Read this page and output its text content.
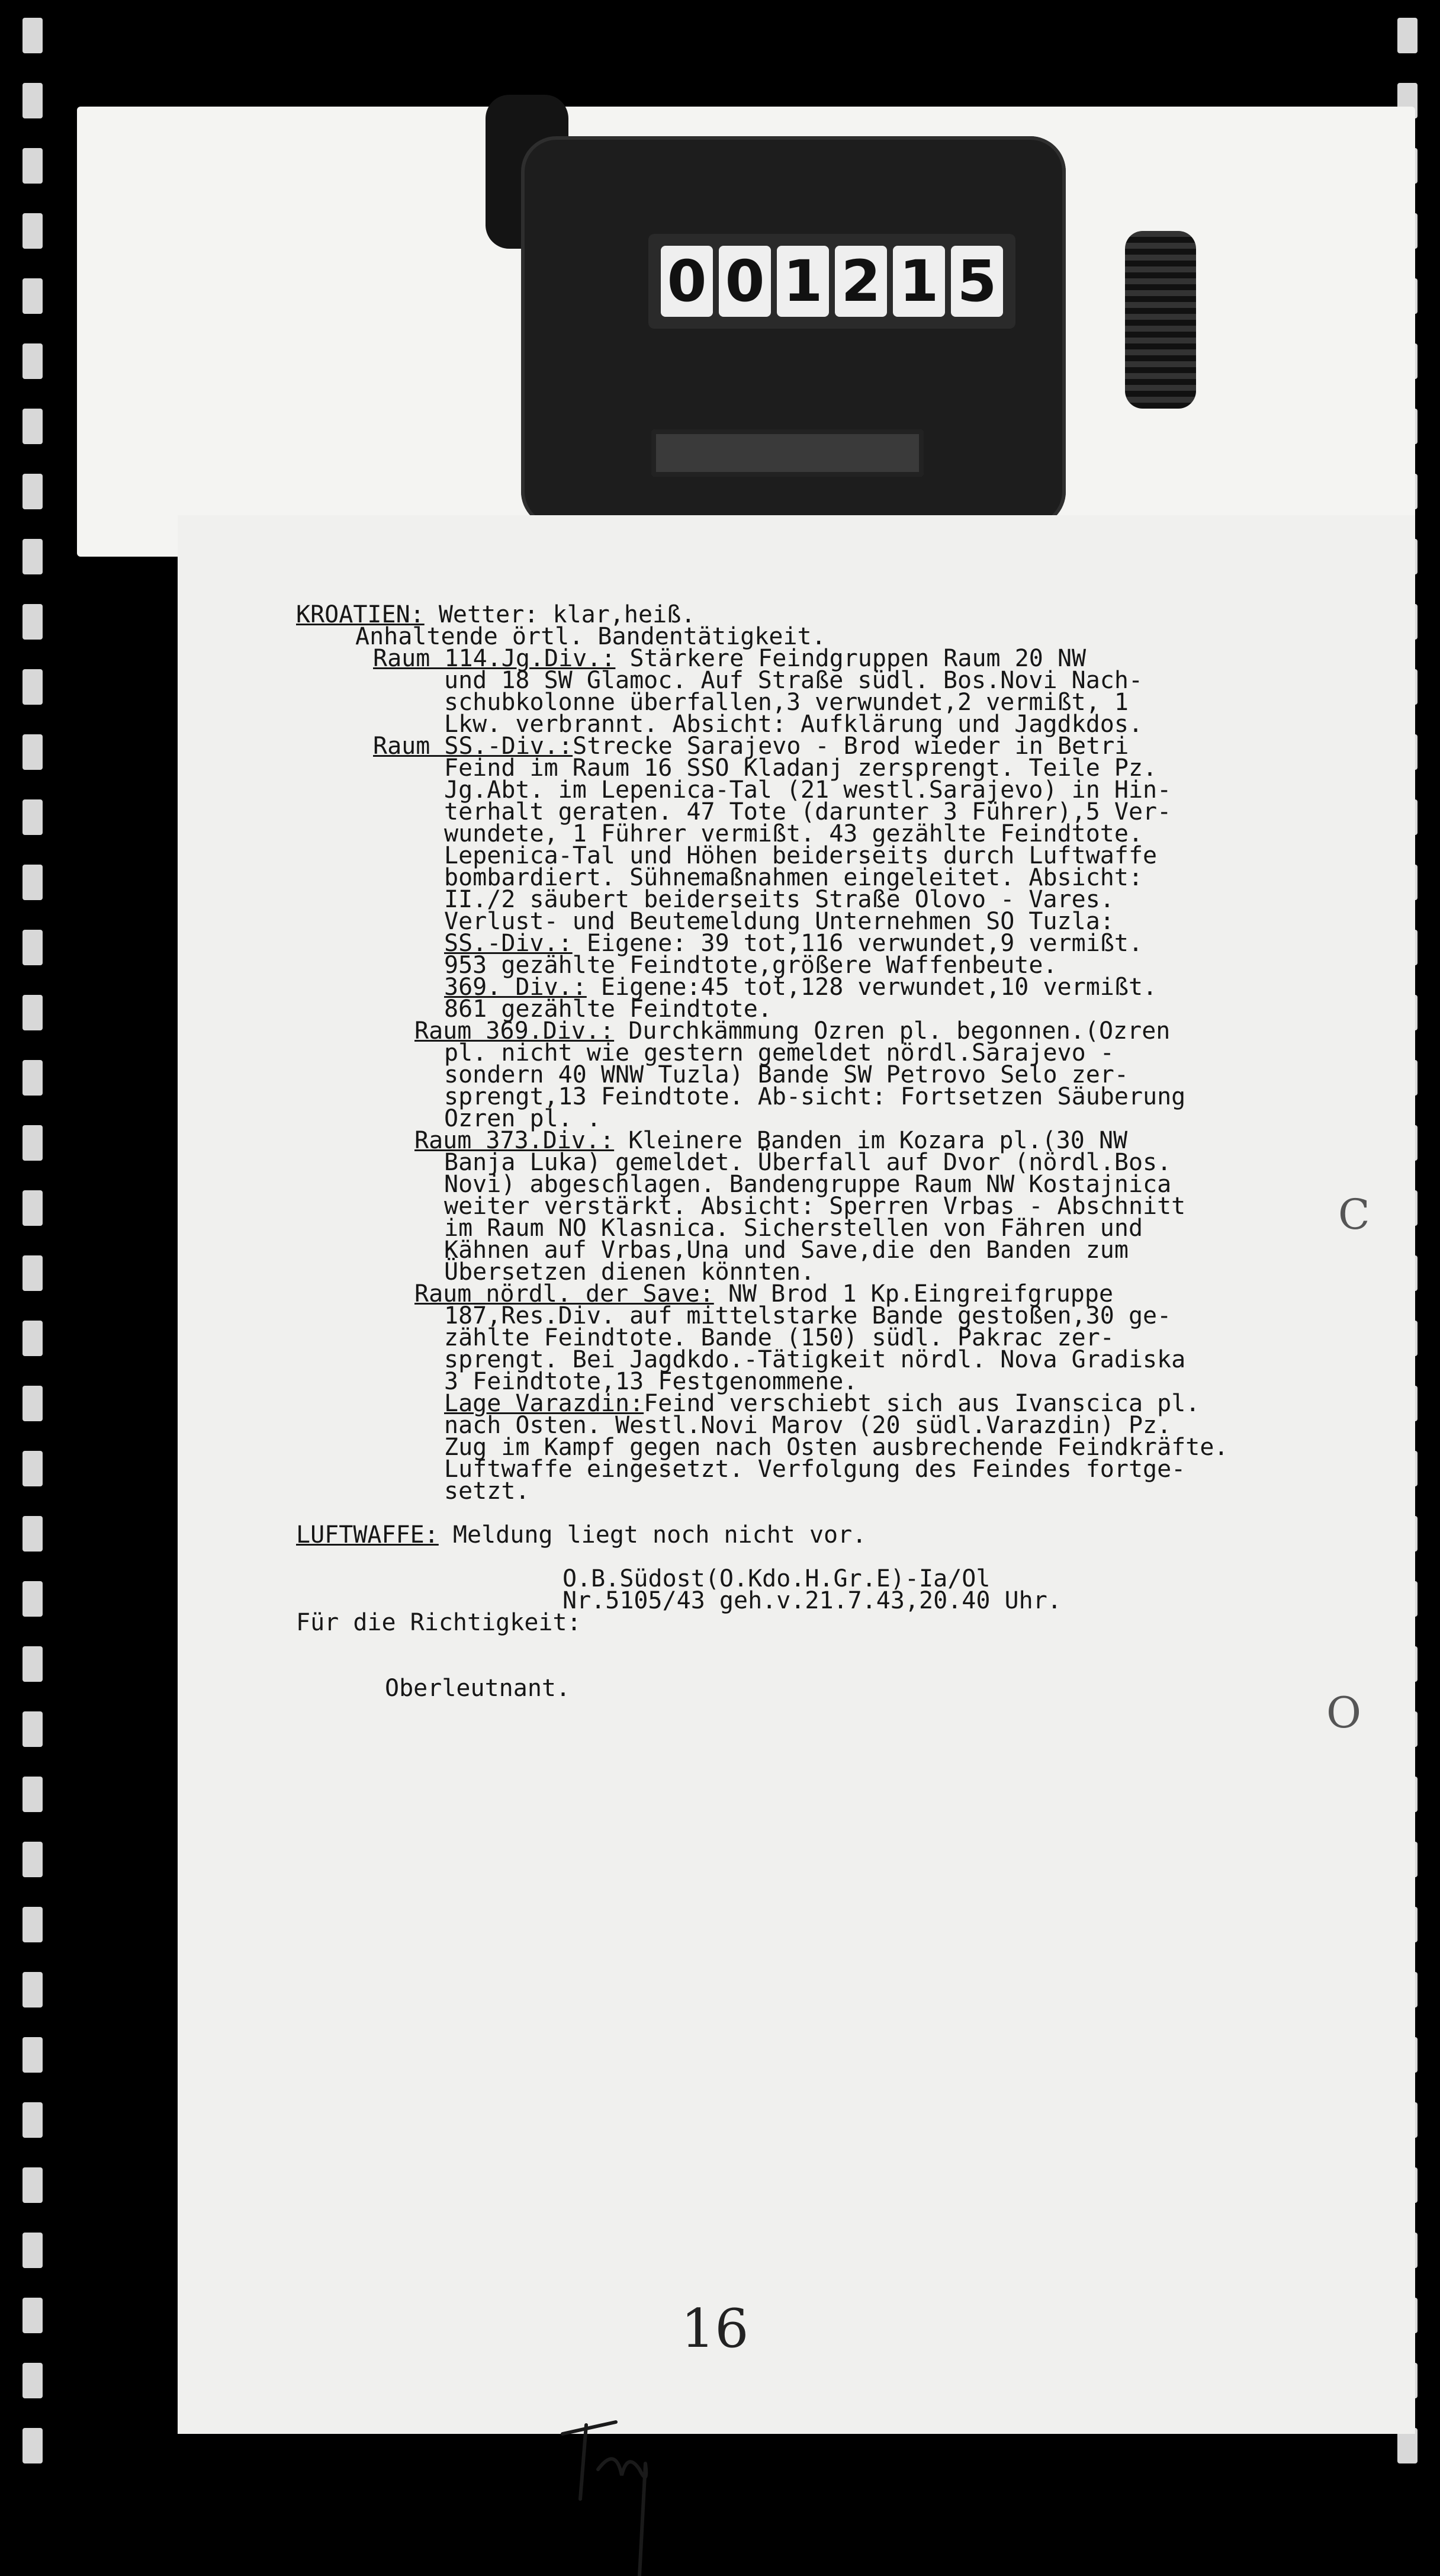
0 0 1 2 1 5
KROATIEN: Wetter: klar,heiß.
Anhaltende örtl. Bandentätigkeit.
Raum 114.Jg.Div.: Stärkere Feindgruppen Raum 20 NW
und 18 SW Glamoc. Auf Straße südl. Bos.Novi Nach-
schubkolonne überfallen,3 verwundet,2 vermißt, 1
Lkw. verbrannt. Absicht: Aufklärung und Jagdkdos.
Raum SS.-Div.:Strecke Sarajevo - Brod wieder in Betri
Feind im Raum 16 SSO Kladanj zersprengt. Teile Pz.
Jg.Abt. im Lepenica-Tal (21 westl.Sarajevo) in Hin-
terhalt geraten. 47 Tote (darunter 3 Führer),5 Ver-
wundete, 1 Führer vermißt. 43 gezählte Feindtote.
Lepenica-Tal und Höhen beiderseits durch Luftwaffe
bombardiert. Sühnemaßnahmen eingeleitet. Absicht:
II./2 säubert beiderseits Straße Olovo - Vares.
Verlust- und Beutemeldung Unternehmen SO Tuzla:
SS.-Div.: Eigene: 39 tot,116 verwundet,9 vermißt.
953 gezählte Feindtote,größere Waffenbeute.
369. Div.: Eigene:45 tot,128 verwundet,10 vermißt.
861 gezählte Feindtote.
Raum 369.Div.: Durchkämmung Ozren pl. begonnen.(Ozren
pl. nicht wie gestern gemeldet nördl.Sarajevo -
sondern 40 WNW Tuzla) Bande SW Petrovo Selo zer-
sprengt,13 Feindtote. Ab-sicht: Fortsetzen Säuberung
Ozren pl. .
Raum 373.Div.: Kleinere Banden im Kozara pl.(30 NW
Banja Luka) gemeldet. Überfall auf Dvor (nördl.Bos.
Novi) abgeschlagen. Bandengruppe Raum NW Kostajnica
weiter verstärkt. Absicht: Sperren Vrbas - Abschnitt
im Raum NO Klasnica. Sicherstellen von Fähren und
Kähnen auf Vrbas,Una und Save,die den Banden zum
Übersetzen dienen könnten.
Raum nördl. der Save: NW Brod 1 Kp.Eingreifgruppe
187,Res.Div. auf mittelstarke Bande gestoßen,30 ge-
zählte Feindtote. Bande (150) südl. Pakrac zer-
sprengt. Bei Jagdkdo.-Tätigkeit nördl. Nova Gradiska
3 Feindtote,13 Festgenommene.
Lage Varazdin:Feind verschiebt sich aus Ivanscica pl.
nach Osten. Westl.Novi Marov (20 südl.Varazdin) Pz.
Zug im Kampf gegen nach Osten ausbrechende Feindkräfte.
Luftwaffe eingesetzt. Verfolgung des Feindes fortge-
setzt.
LUFTWAFFE: Meldung liegt noch nicht vor.
O.B.Südost(O.Kdo.H.Gr.E)-Ia/Ol
Nr.5105/43 geh.v.21.7.43,20.40 Uhr.
Für die Richtigkeit:
Oberleutnant.
16
C
O
